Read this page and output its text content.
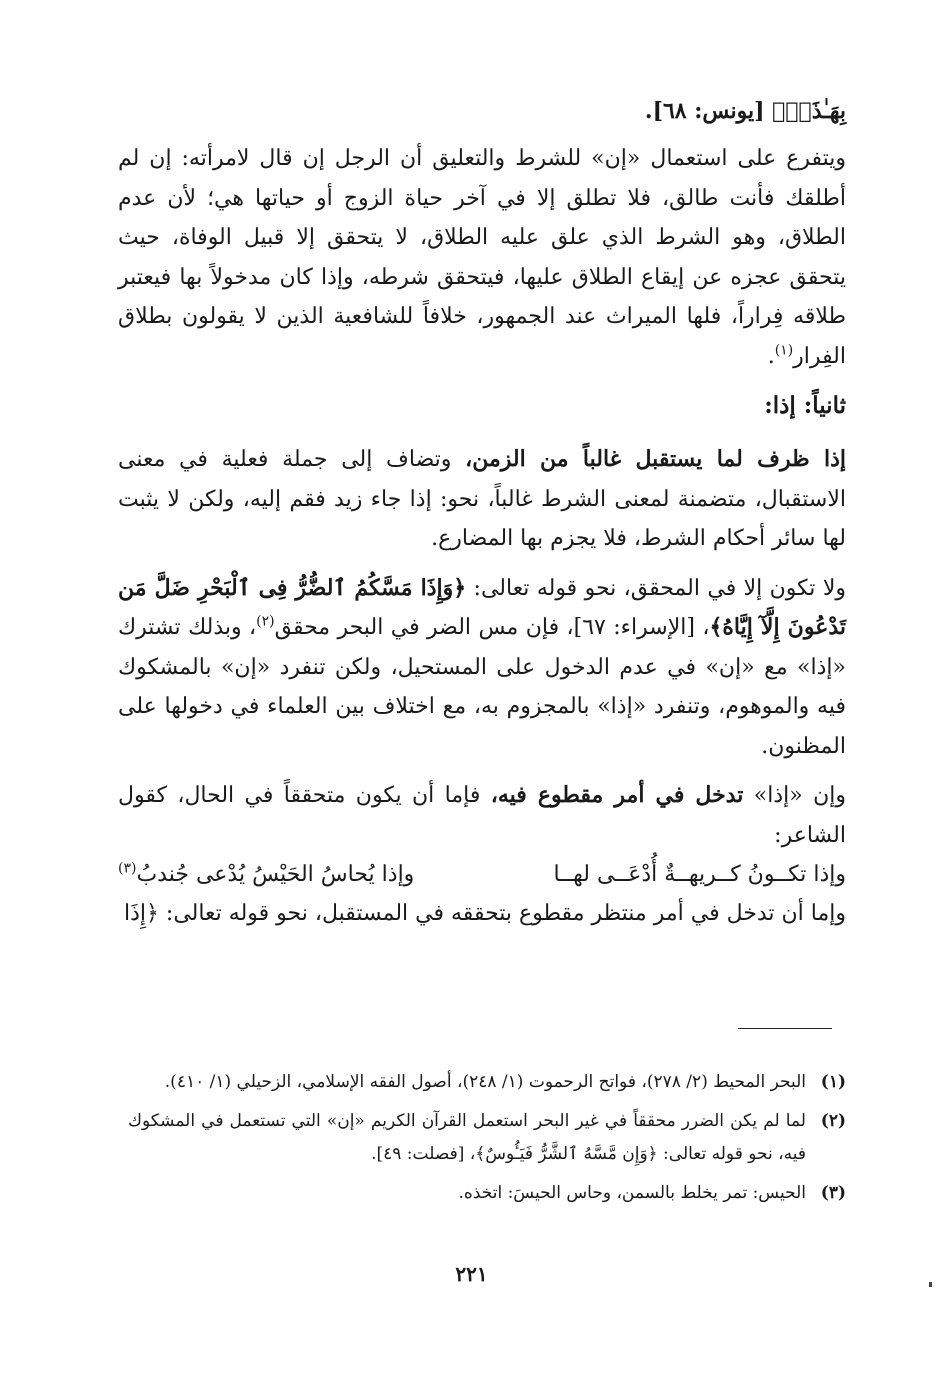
بِهَـٰذَآۚ﴾ [يونس: ٦٨].

ويتفرع على استعمال «إن» للشرط والتعليق أن الرجل إن قال لامرأته: إن لم أطلقك فأنت طالق، فلا تطلق إلا في آخر حياة الزوج أو حياتها هي؛ لأن عدم الطلاق، وهو الشرط الذي علق عليه الطلاق، لا يتحقق إلا قبيل الوفاة، حيث يتحقق عجزه عن إيقاع الطلاق عليها، فيتحقق شرطه، وإذا كان مدخولاً بها فيعتبر طلاقه فِراراً، فلها الميراث عند الجمهور، خلافاً للشافعية الذين لا يقولون بطلاق الفِرار$^{(١)}$.

ثانياً: إذا:

إذا ظرف لما يستقبل غالباً من الزمن، وتضاف إلى جملة فعلية في معنى الاستقبال، متضمنة لمعنى الشرط غالباً، نحو: إذا جاء زيد فقم إليه، ولكن لا يثبت لها سائر أحكام الشرط، فلا يجزم بها المضارع.

ولا تكون إلا في المحقق، نحو قوله تعالى: ﴿وَإِذَا مَسَّكُمُ ٱلضُّرُّ فِى ٱلْبَحْرِ ضَلَّ مَن تَدْعُونَ إِلَّآ إِيَّاهُ﴾، [الإسراء: ٦٧]، فإن مس الضر في البحر محقق$^{(٢)}$، وبذلك تشترك «إذا» مع «إن» في عدم الدخول على المستحيل، ولكن تنفرد «إن» بالمشكوك فيه والموهوم، وتنفرد «إذا» بالمجزوم به، مع اختلاف بين العلماء في دخولها على المظنون.

وإن «إذا» تدخل في أمر مقطوع فيه، فإما أن يكون متحققاً في الحال، كقول الشاعر:

وإذا تكــونُ كــريهــةٌ أُدْعَــى لهــا
وإذا يُحاسُ الحَيْسُ يُدْعى جُندبُ$^{(٣)}$
وإما أن تدخل في أمر منتظر مقطوع بتحققه في المستقبل، نحو قوله تعالى: ﴿إِذَا
(١)
البحر المحيط (٢/ ٢٧٨)، فواتح الرحموت (١/ ٢٤٨)، أصول الفقه الإسلامي، الزحيلي (١/ ٤١٠).
(٢)
لما لم يكن الضرر محققاً في غير البحر استعمل القرآن الكريم «إن» التي تستعمل في المشكوك فيه، نحو قوله تعالى: ﴿وَإِن مَّسَّهُ ٱلشَّرُّ فَيَـُٔوسٌ﴾، [فصلت: ٤٩].
(٣)
الحيس: تمر يخلط بالسمن، وحاس الحيسَ: اتخذه.
٢٢١
